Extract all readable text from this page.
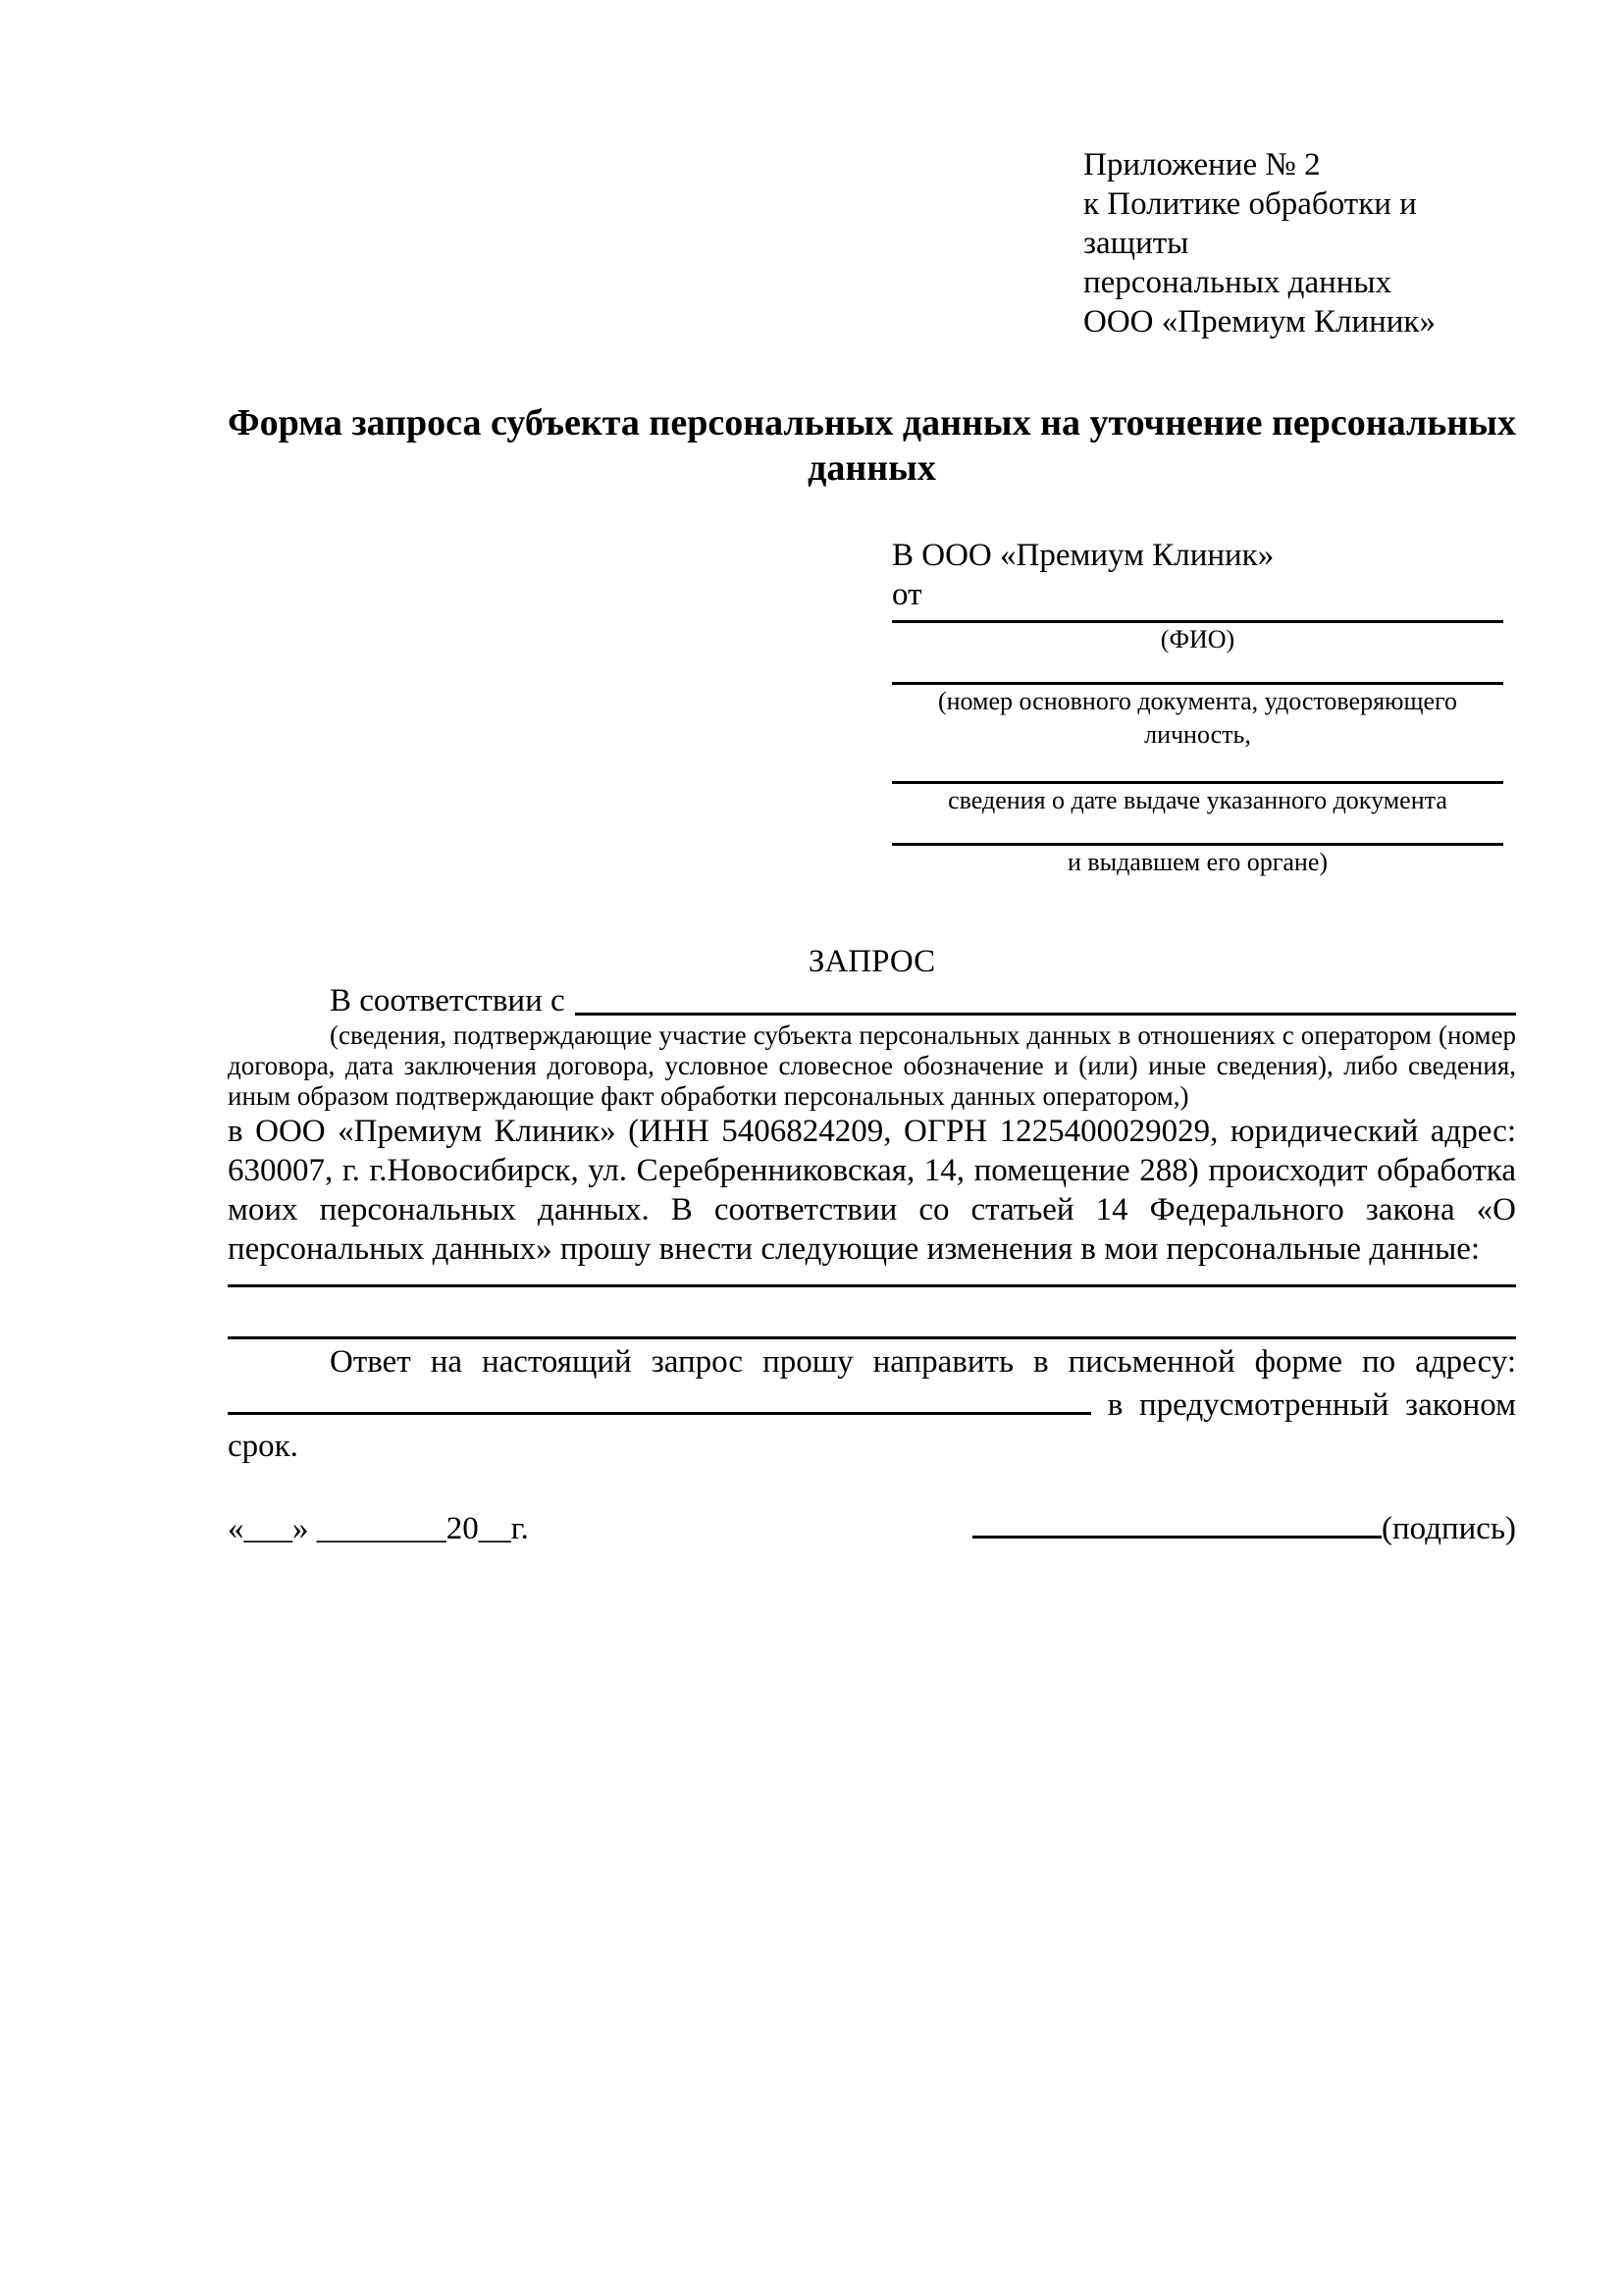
Приложение № 2
к Политике обработки и защиты
персональных данных
ООО «Премиум Клиник»
Форма запроса субъекта персональных данных на уточнение персональных данных
В ООО «Премиум Клиник»
от
(ФИО)
(номер основного документа, удостоверяющего личность,
сведения о дате выдаче указанного документа
и выдавшем его органе)
ЗАПРОС
В соответствии с
(сведения, подтверждающие участие субъекта персональных данных в отношениях с оператором (номер договора, дата заключения договора, условное словесное обозначение и (или) иные сведения), либо сведения, иным образом подтверждающие факт обработки персональных данных оператором,)
в ООО «Премиум Клиник» (ИНН 5406824209, ОГРН 1225400029029, юридический адрес: 630007, г. г.Новосибирск, ул. Серебренниковская, 14, помещение 288) происходит обработка моих персональных данных. В соответствии со статьей 14 Федерального закона «О персональных данных» прошу внести следующие изменения в мои персональные данные:
Ответ на настоящий запрос прошу направить в письменной форме по адресу:  в предусмотренный законом срок.
«___» ________20__г.	(подпись)
